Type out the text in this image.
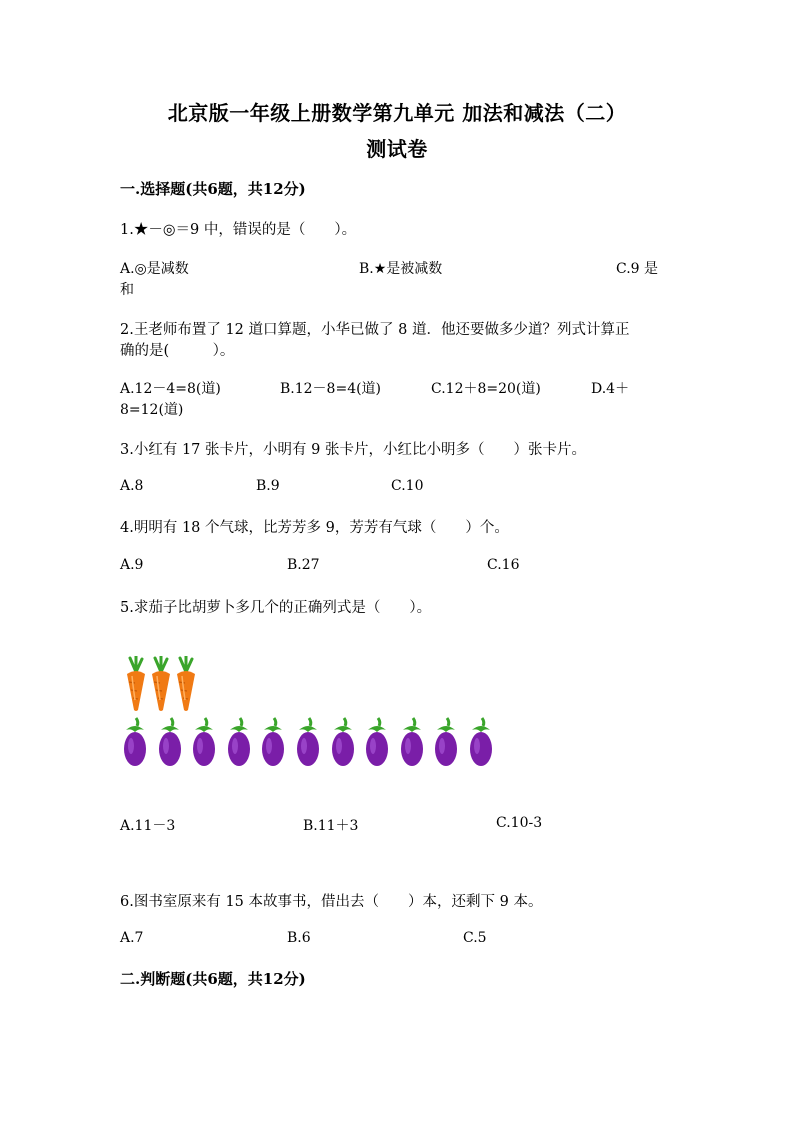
北京版一年级上册数学第九单元 加法和减法（二）
测试卷
一.选择题(共6题，共12分)
1.★－◎＝9 中，错误的是（　　）。
A.◎是减数	B.★是被减数	C.9 是
和
2.王老师布置了 12 道口算题，小华已做了 8 道．他还要做多少道？列式计算正
确的是(　　　）。
A.12－4=8(道)	B.12－8=4(道)	C.12＋8=20(道)	D.4＋
8=12(道)
3.小红有 17 张卡片，小明有 9 张卡片，小红比小明多（　　）张卡片。
A.8	B.9	C.10
4.明明有 18 个气球，比芳芳多 9，芳芳有气球（　　）个。
A.9	B.27	C.16
5.求茄子比胡萝卜多几个的正确列式是（　　）。
A.11－3	B.11＋3	C.10-3
6.图书室原来有 15 本故事书，借出去（　　）本，还剩下 9 本。
A.7	B.6	C.5
二.判断题(共6题，共12分)
